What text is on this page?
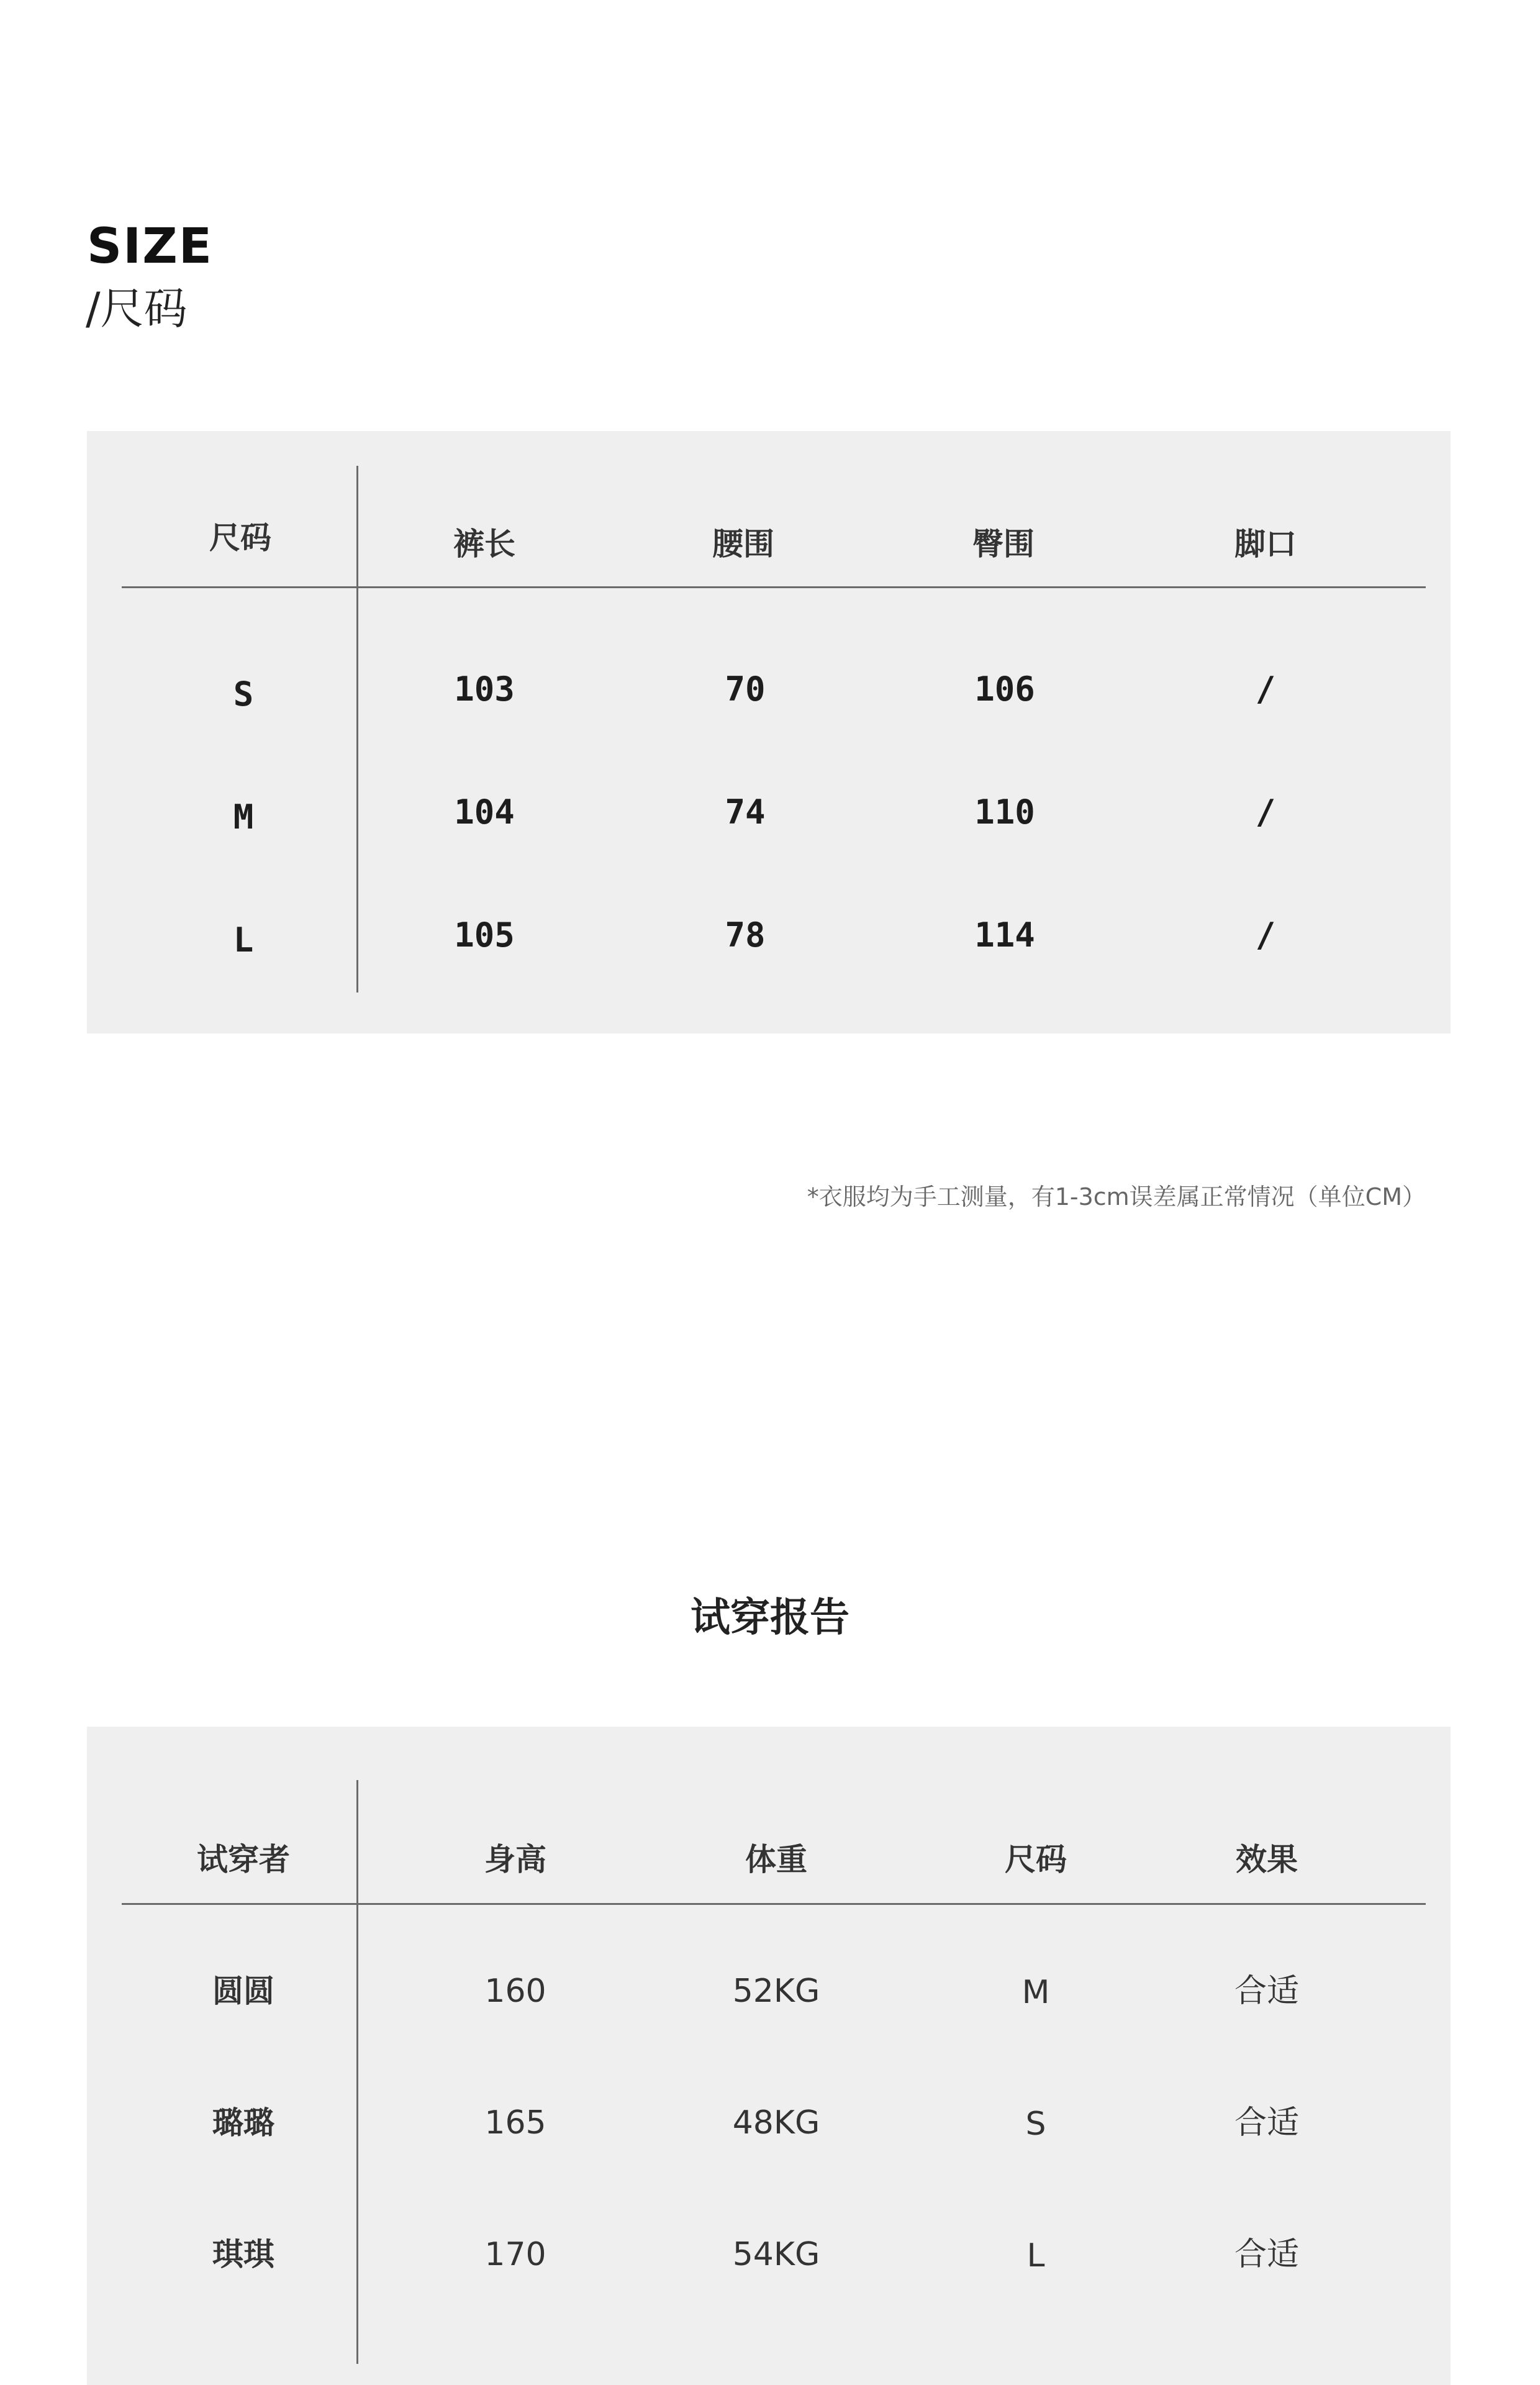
SIZE
/尺码
尺码	裤长	腰围	臀围	脚口
S	103	70	106	/
M	104	74	110	/
L	105	78	114	/
*衣服均为手工测量，有1-3cm误差属正常情况（单位CM）
试穿报告
试穿者	身高	体重	尺码	效果
圆圆	160	52KG	M	合适
璐璐	165	48KG	S	合适
琪琪	170	54KG	L	合适
